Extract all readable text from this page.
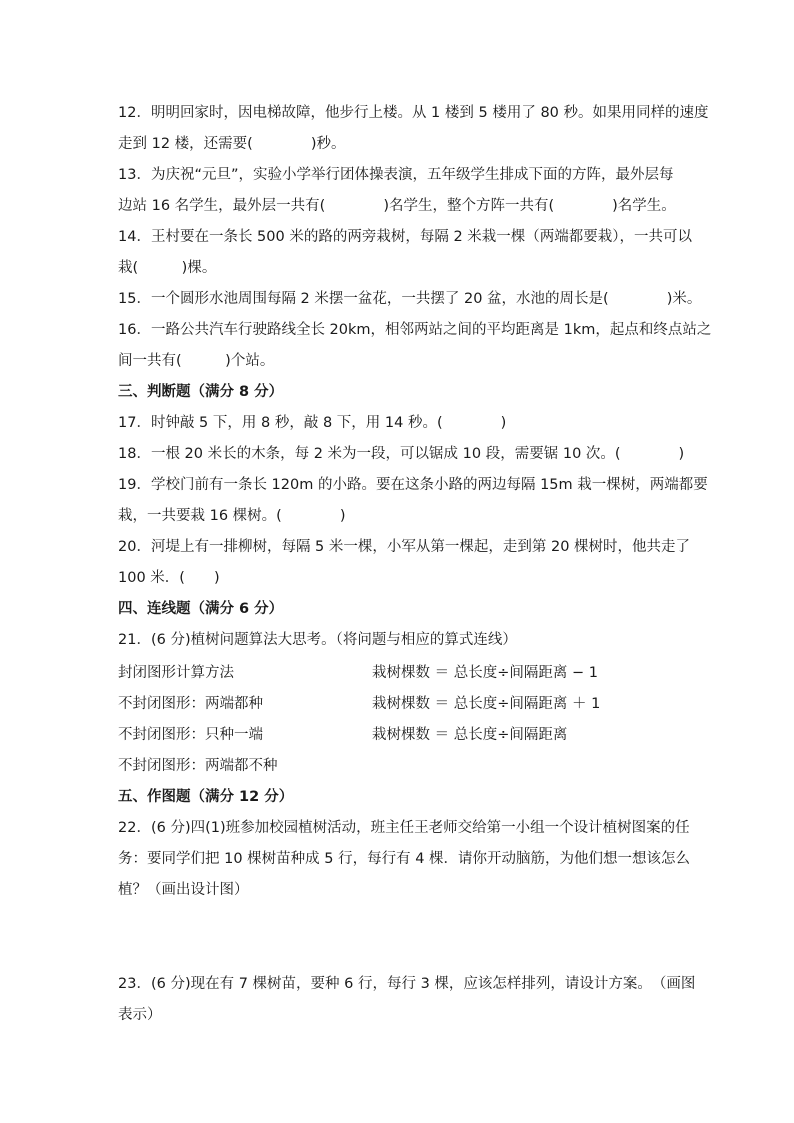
12．明明回家时，因电梯故障，他步行上楼。从 1 楼到 5 楼用了 80 秒。如果用同样的速度
走到 12 楼，还需要(　　　　)秒。
13．为庆祝“元旦”，实验小学举行团体操表演，五年级学生排成下面的方阵，最外层每
边站 16 名学生，最外层一共有(　　　　)名学生，整个方阵一共有(　　　　)名学生。
14．王村要在一条长 500 米的路的两旁栽树，每隔 2 米栽一棵（两端都要栽），一共可以
栽(　　　)棵。
15．一个圆形水池周围每隔 2 米摆一盆花，一共摆了 20 盆，水池的周长是(　　　　)米。
16．一路公共汽车行驶路线全长 20km，相邻两站之间的平均距离是 1km，起点和终点站之
间一共有(　　　)个站。
三、判断题（满分 8 分）
17．时钟敲 5 下，用 8 秒，敲 8 下，用 14 秒。(　　　　)
18．一根 20 米长的木条，每 2 米为一段，可以锯成 10 段，需要锯 10 次。(　　　　)
19．学校门前有一条长 120m 的小路。要在这条小路的两边每隔 15m 栽一棵树，两端都要
栽，一共要栽 16 棵树。(　　　　)
20．河堤上有一排柳树，每隔 5 米一棵，小军从第一棵起，走到第 20 棵树时，他共走了
100 米．(　　)
四、连线题（满分 6 分）
21．(6 分)植树问题算法大思考。（将问题与相应的算式连线）
封闭图形计算方法	栽树棵数 ＝ 总长度÷间隔距离 − 1
不封闭图形：两端都种	栽树棵数 ＝ 总长度÷间隔距离 ＋ 1
不封闭图形：只种一端	栽树棵数 ＝ 总长度÷间隔距离
不封闭图形：两端都不种
五、作图题（满分 12 分）
22．(6 分)四(1)班参加校园植树活动，班主任王老师交给第一小组一个设计植树图案的任
务：要同学们把 10 棵树苗种成 5 行，每行有 4 棵．请你开动脑筋，为他们想一想该怎么
植？（画出设计图）
23．(6 分)现在有 7 棵树苗，要种 6 行，每行 3 棵，应该怎样排列，请设计方案。　（画图
表示）
